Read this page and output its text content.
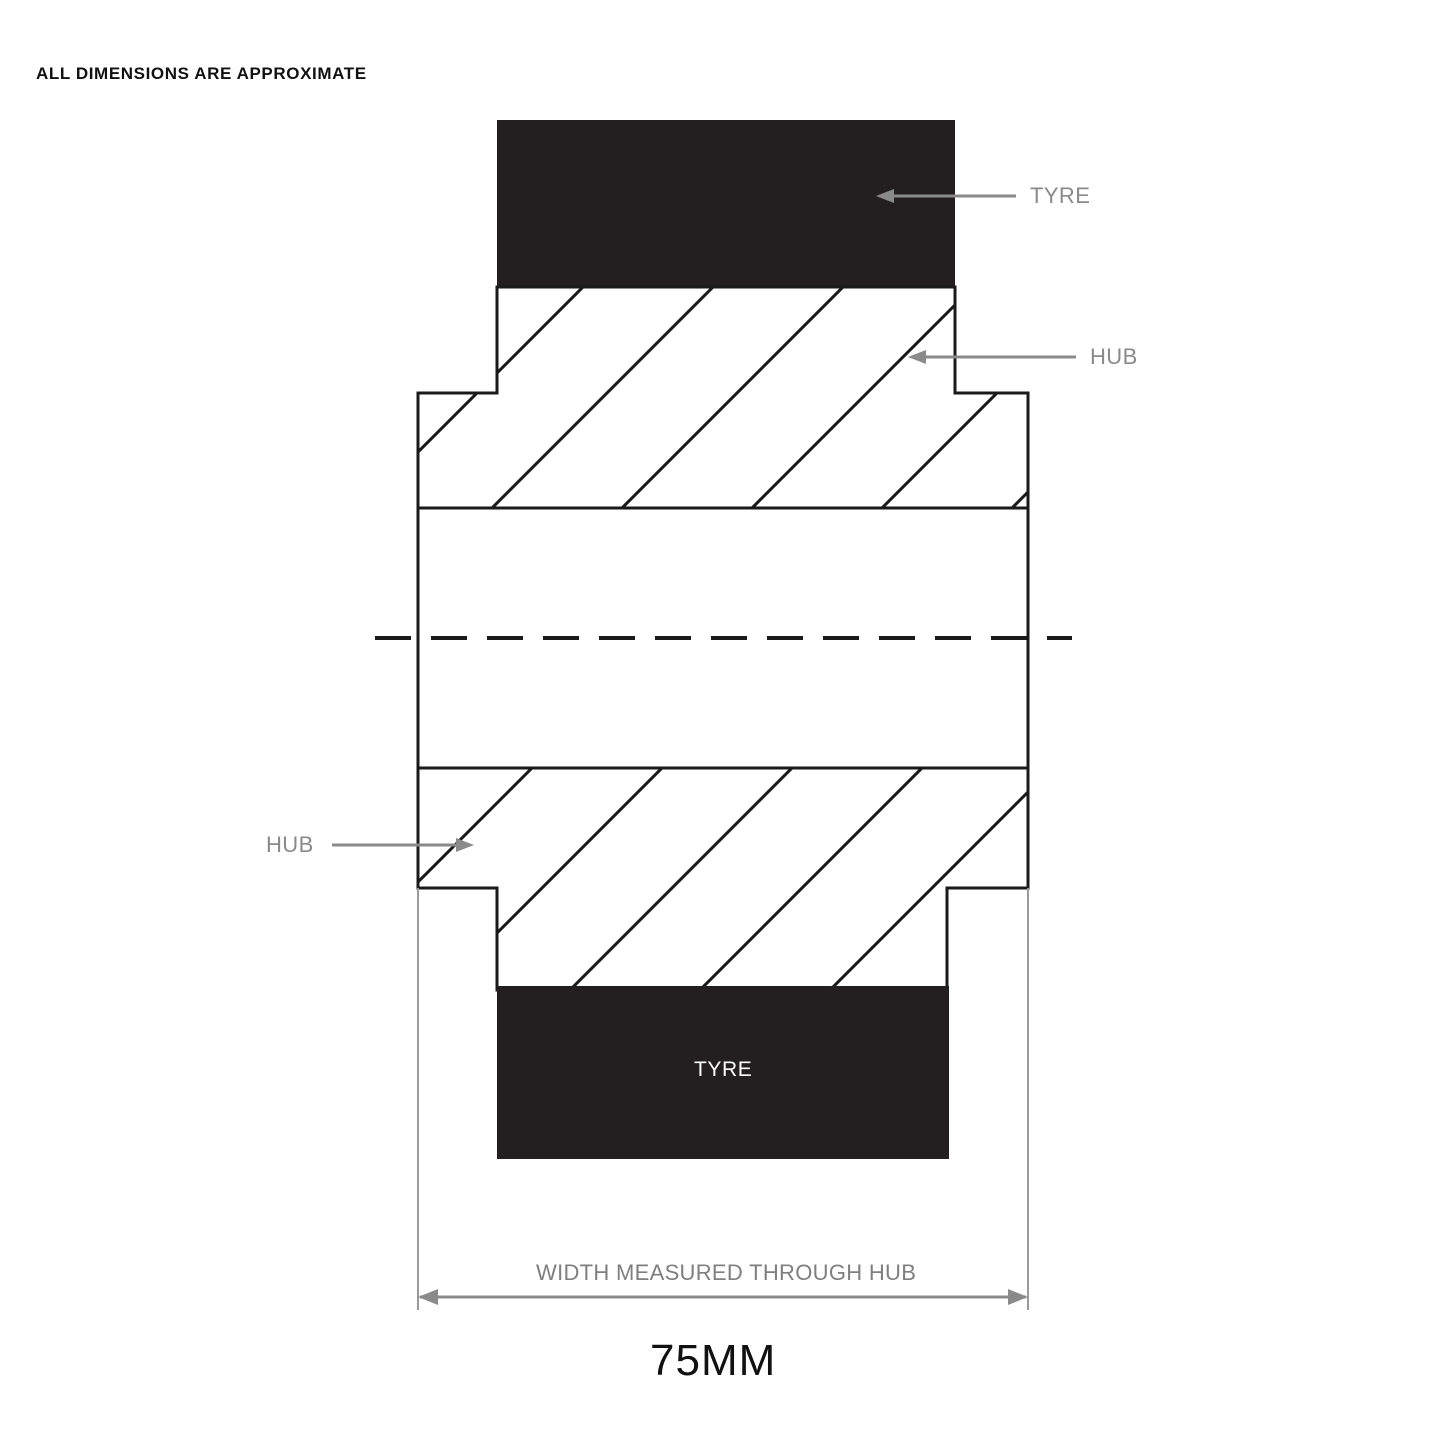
ALL DIMENSIONS ARE APPROXIMATE
TYRE
HUB
HUB
TYRE
WIDTH MEASURED THROUGH HUB
75MM
